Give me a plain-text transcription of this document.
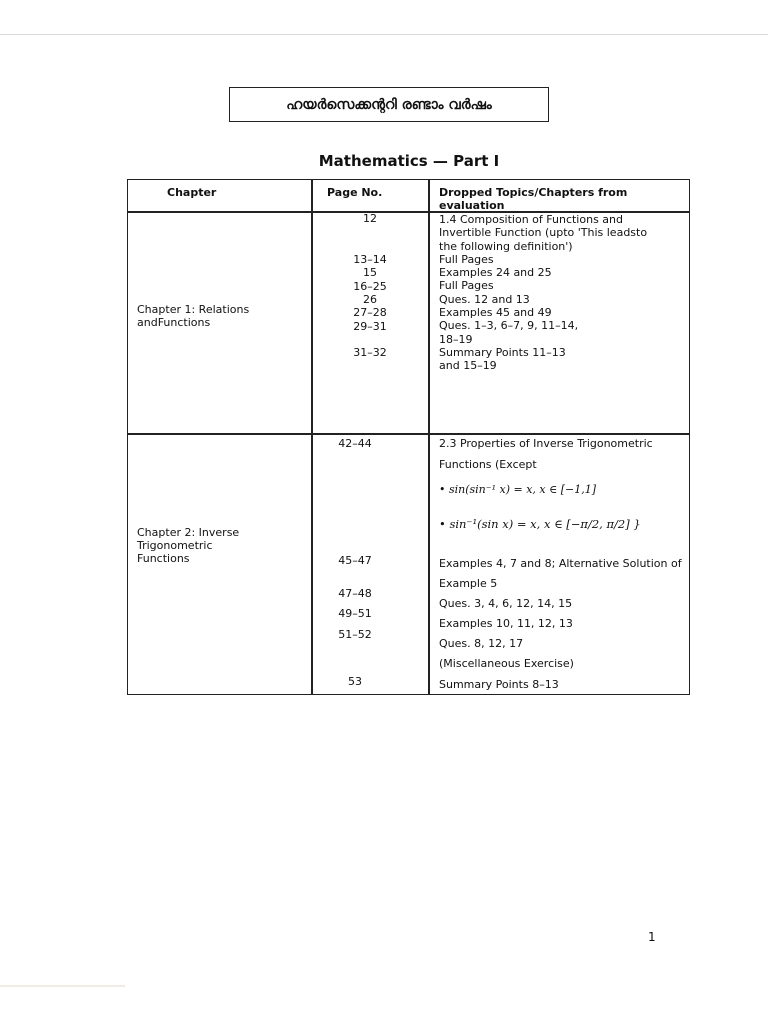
ഹയർസെക്കന്ററി രണ്ടാം വർഷം
Mathematics — Part I
Chapter	Page No.	Dropped Topics/Chapters from evaluation
Chapter 1: Relations
andFunctions
12
13–14
15
16–25
26
27–28
29–31
31–32
1.4 Composition of Functions and
Invertible Function (upto 'This leadsto
the following definition')
Full Pages
Examples 24 and 25
Full Pages
Ques. 12 and 13
Examples 45 and 49
Ques. 1–3, 6–7, 9, 11–14,
18–19
Summary Points 11–13
and 15–19
Chapter 2: Inverse
Trigonometric
Functions
42–44
45–47
47–48
49–51
51–52
53
2.3 Properties of Inverse Trigonometric
Functions (Except
• sin(sin⁻¹ x) = x, x ∈ [−1,1]
• sin⁻¹(sin x) = x, x ∈ [−π/2, π/2] }
Examples 4, 7 and 8; Alternative Solution of
Example 5
Ques. 3, 4, 6, 12, 14, 15
Examples 10, 11, 12, 13
Ques. 8, 12, 17
(Miscellaneous Exercise)
Summary Points 8–13
1
